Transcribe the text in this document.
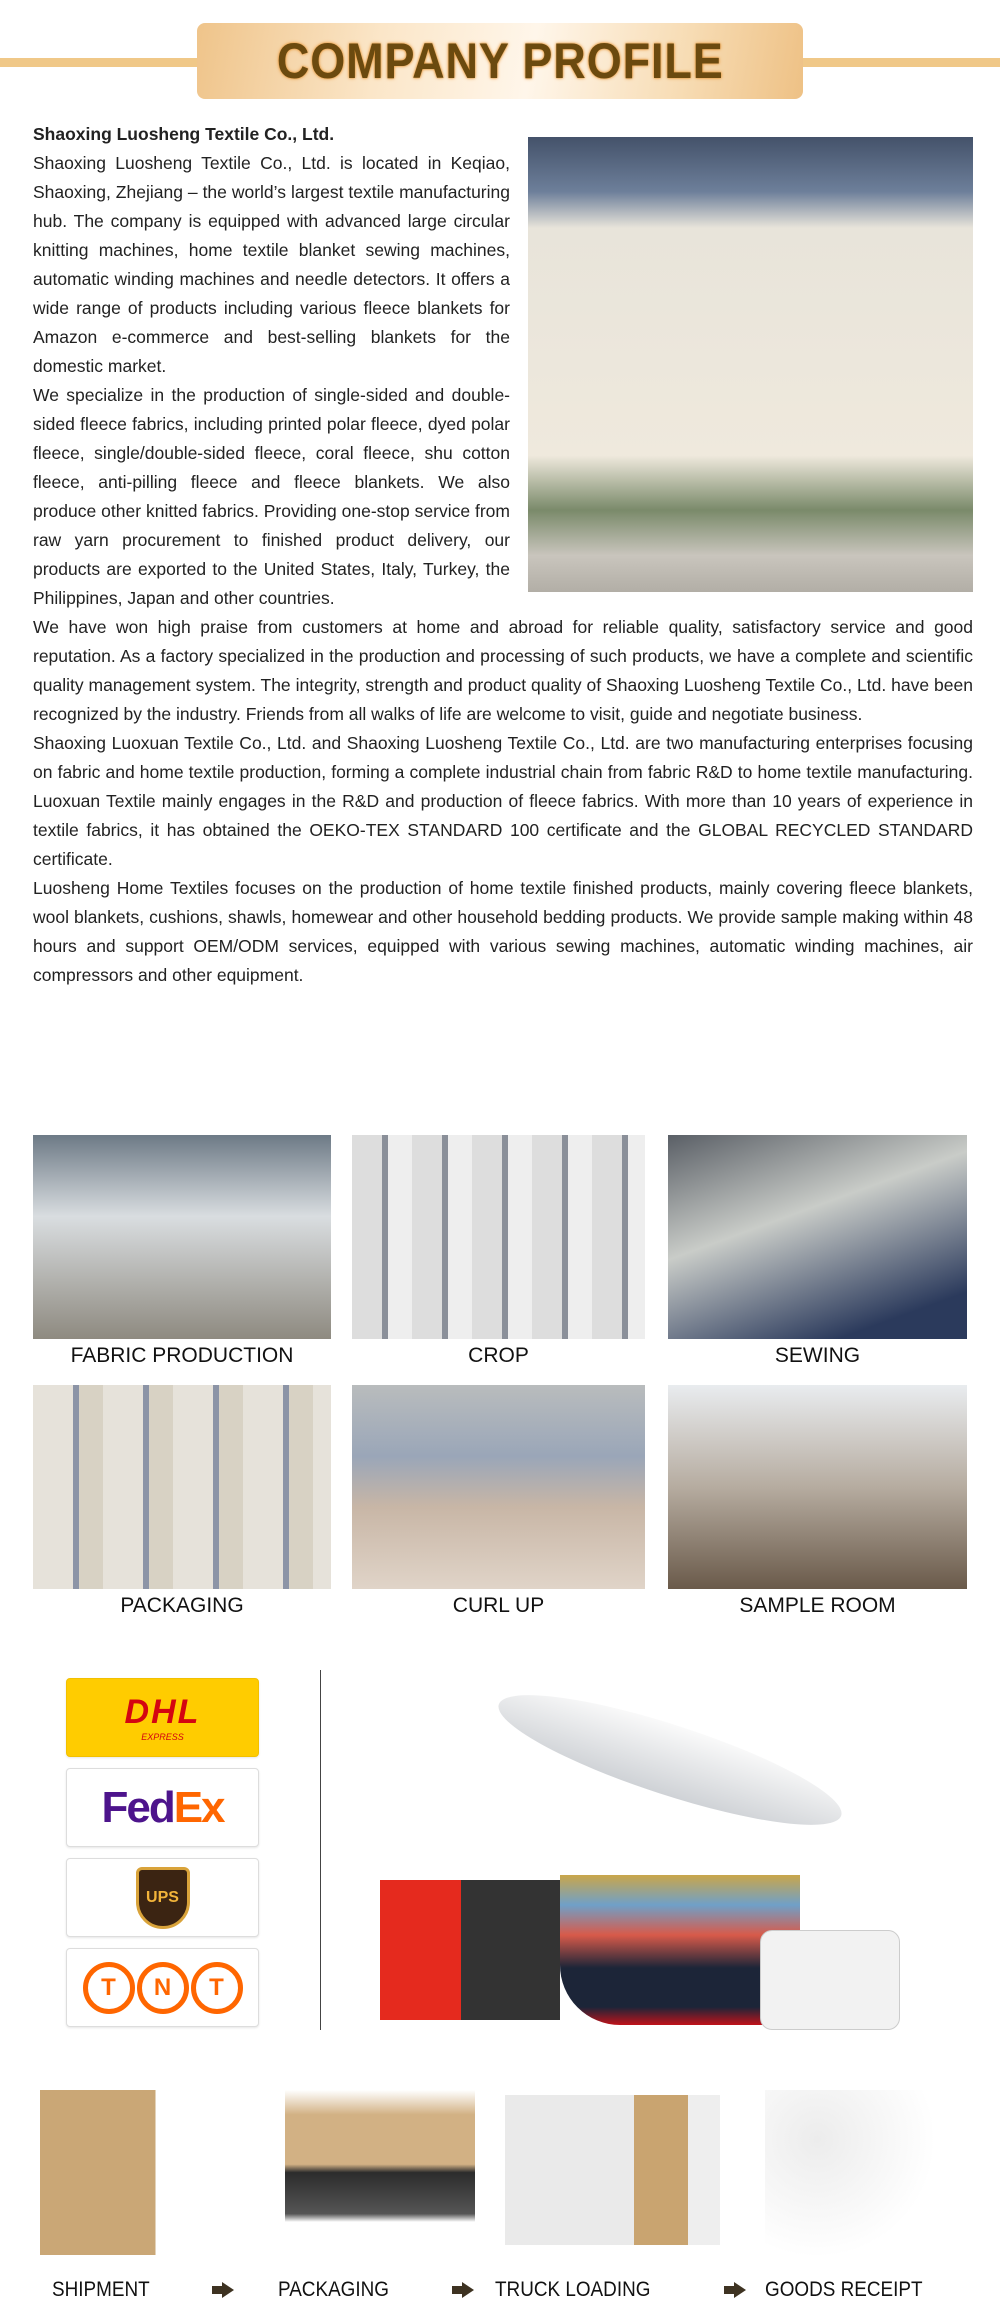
COMPANY PROFILE

Shaoxing Luosheng Textile Co., Ltd.

Shaoxing Luosheng Textile Co., Ltd. is located in Keqiao, Shaoxing, Zhejiang – the world’s largest textile manufacturing hub. The company is equipped with advanced large circular knitting machines, home textile blanket sewing machines, automatic winding machines and needle detectors. It offers a wide range of products including various fleece blankets for Amazon e-commerce and best-selling blankets for the domestic market.

We specialize in the production of single-sided and double-sided fleece fabrics, including printed polar fleece, dyed polar fleece, single/double-sided fleece, coral fleece, shu cotton fleece, anti-pilling fleece and fleece blankets. We also produce other knitted fabrics. Providing one-stop service from raw yarn procurement to finished product delivery, our products are exported to the United States, Italy, Turkey, the Philippines, Japan and other countries.

We have won high praise from customers at home and abroad for reliable quality, satisfactory service and good reputation. As a factory specialized in the production and processing of such products, we have a complete and scientific quality management system. The integrity, strength and product quality of Shaoxing Luosheng Textile Co., Ltd. have been recognized by the industry. Friends from all walks of life are welcome to visit, guide and negotiate business.

Shaoxing Luoxuan Textile Co., Ltd. and Shaoxing Luosheng Textile Co., Ltd. are two manufacturing enterprises focusing on fabric and home textile production, forming a complete industrial chain from fabric R&D to home textile manufacturing. Luoxuan Textile mainly engages in the R&D and production of fleece fabrics. With more than 10 years of experience in textile fabrics, it has obtained the OEKO-TEX STANDARD 100 certificate and the GLOBAL RECYCLED STANDARD certificate.

Luosheng Home Textiles focuses on the production of home textile finished products, mainly covering fleece blankets, wool blankets, cushions, shawls, homewear and other household bedding products. We provide sample making within 48 hours and support OEM/ODM services, equipped with various sewing machines, automatic winding machines, air compressors and other equipment.

FABRIC PRODUCTION	CROP	SEWING
PACKAGING	CURL UP	SAMPLE ROOM
DHL
EXPRESS
Fed Ex
UPS
T	N	T
SHIPMENT	PACKAGING	TRUCK LOADING	GOODS RECEIPT
